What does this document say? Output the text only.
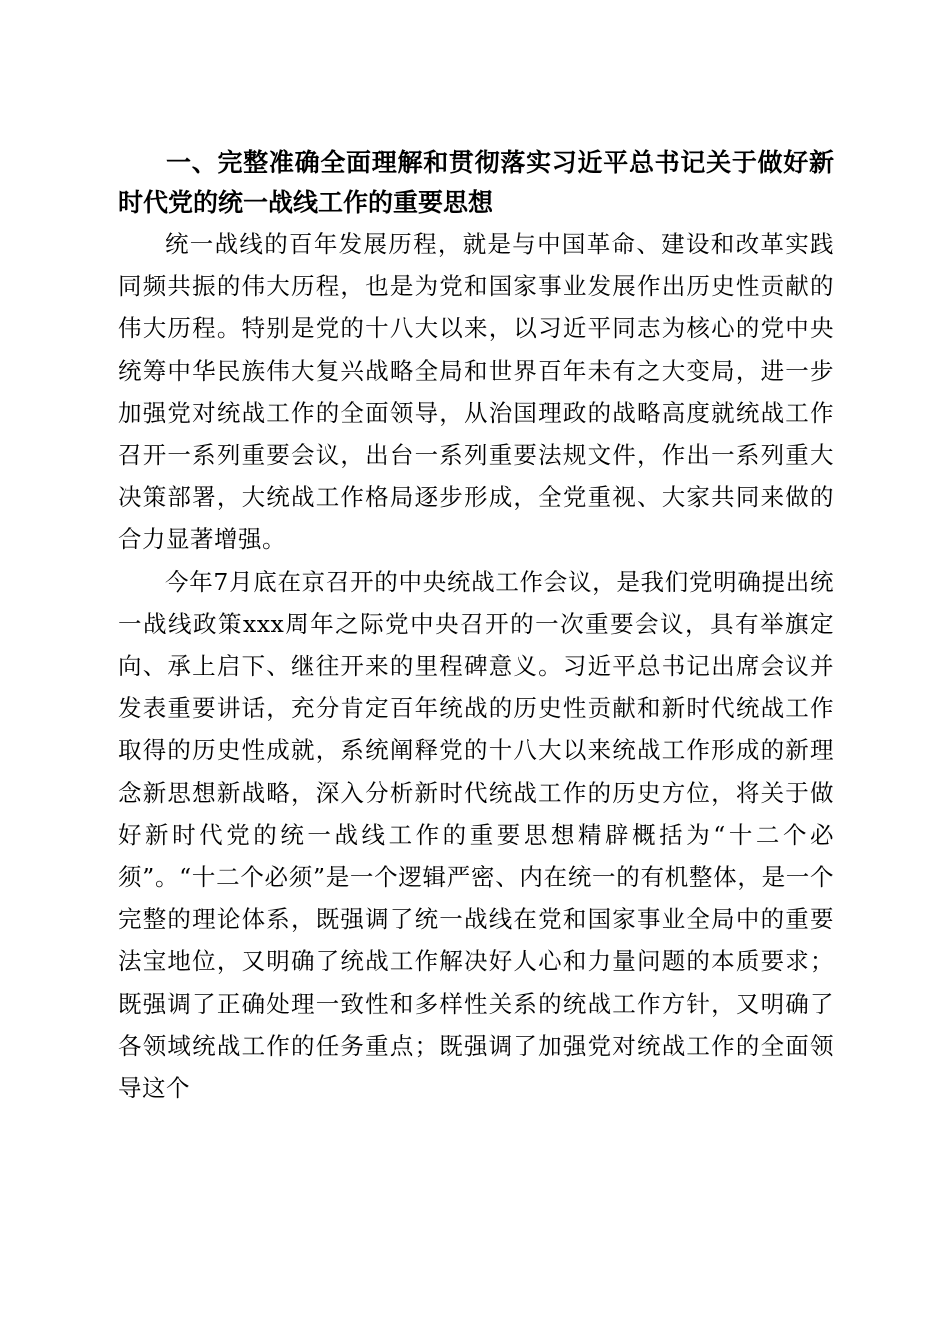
一、完整准确全面理解和贯彻落实习近平总书记关于做好新时代党的统一战线工作的重要思想

统一战线的百年发展历程，就是与中国革命、建设和改革实践同频共振的伟大历程，也是为党和国家事业发展作出历史性贡献的伟大历程。特别是党的十八大以来，以习近平同志为核心的党中央统筹中华民族伟大复兴战略全局和世界百年未有之大变局，进一步加强党对统战工作的全面领导，从治国理政的战略高度就统战工作召开一系列重要会议，出台一系列重要法规文件，作出一系列重大决策部署，大统战工作格局逐步形成，全党重视、大家共同来做的合力显著增强。

今年7月底在京召开的中央统战工作会议，是我们党明确提出统一战线政策xxx周年之际党中央召开的一次重要会议，具有举旗定向、承上启下、继往开来的里程碑意义。习近平总书记出席会议并发表重要讲话，充分肯定百年统战的历史性贡献和新时代统战工作取得的历史性成就，系统阐释党的十八大以来统战工作形成的新理念新思想新战略，深入分析新时代统战工作的历史方位，将关于做好新时代党的统一战线工作的重要思想精辟概括为“十二个必须”。“十二个必须”是一个逻辑严密、内在统一的有机整体，是一个完整的理论体系，既强调了统一战线在党和国家事业全局中的重要法宝地位，又明确了统战工作解决好人心和力量问题的本质要求；既强调了正确处理一致性和多样性关系的统战工作方针，又明确了各领域统战工作的任务重点；既强调了加强党对统战工作的全面领导这个
